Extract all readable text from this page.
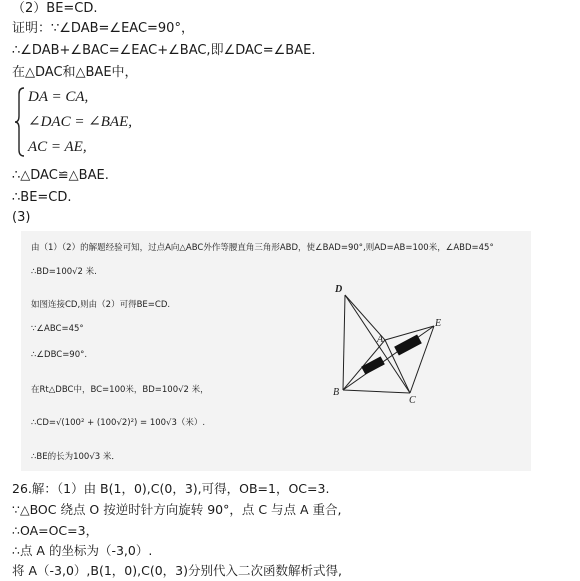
（2）BE=CD.
证明：∵∠DAB=∠EAC=90°，
∴∠DAB+∠BAC=∠EAC+∠BAC,即∠DAC=∠BAE.
在△DAC和△BAE中，
DA = CA,
∠DAC = ∠BAE,
AC = AE,
∴△DAC≌△BAE.
∴BE=CD.
(3)
由（1）（2）的解题经验可知，过点A向△ABC外作等腰直角三角形ABD，使∠BAD=90°,则AD=AB=100米，∠ABD=45°
∴BD=100√2 米.
如图连接CD,则由（2）可得BE=CD.
∵∠ABC=45°
∴∠DBC=90°.
在Rt△DBC中，BC=100米，BD=100√2 米，
∴CD=√(100² + (100√2)²) = 100√3（米）.
∴BE的长为100√3 米．
D
A
E
B
C
26.解：（1）由 B(1，0),C(0，3),可得，OB=1，OC=3.
∵△BOC 绕点 O 按逆时针方向旋转 90°，点 C 与点 A 重合,
∴OA=OC=3，
∴点 A 的坐标为（-3,0）.
将 A（-3,0）,B(1，0),C(0，3)分别代入二次函数解析式得,
